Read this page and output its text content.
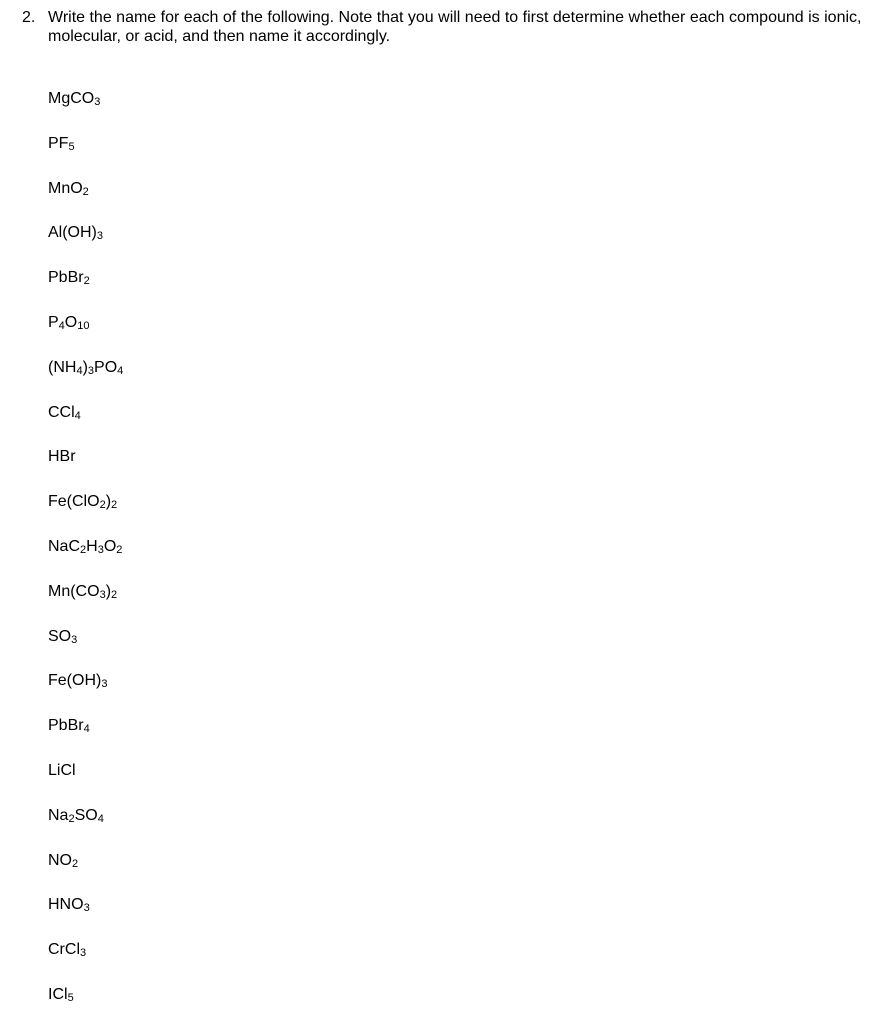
2. Write the name for each of the following. Note that you will need to first determine whether each compound is ionic, molecular, or acid, and then name it accordingly.
MgCO3
PF5
MnO2
Al(OH)3
PbBr2
P4O10
(NH4)3PO4
CCl4
HBr
Fe(ClO2)2
NaC2H3O2
Mn(CO3)2
SO3
Fe(OH)3
PbBr4
LiCl
Na2SO4
NO2
HNO3
CrCl3
ICl5
